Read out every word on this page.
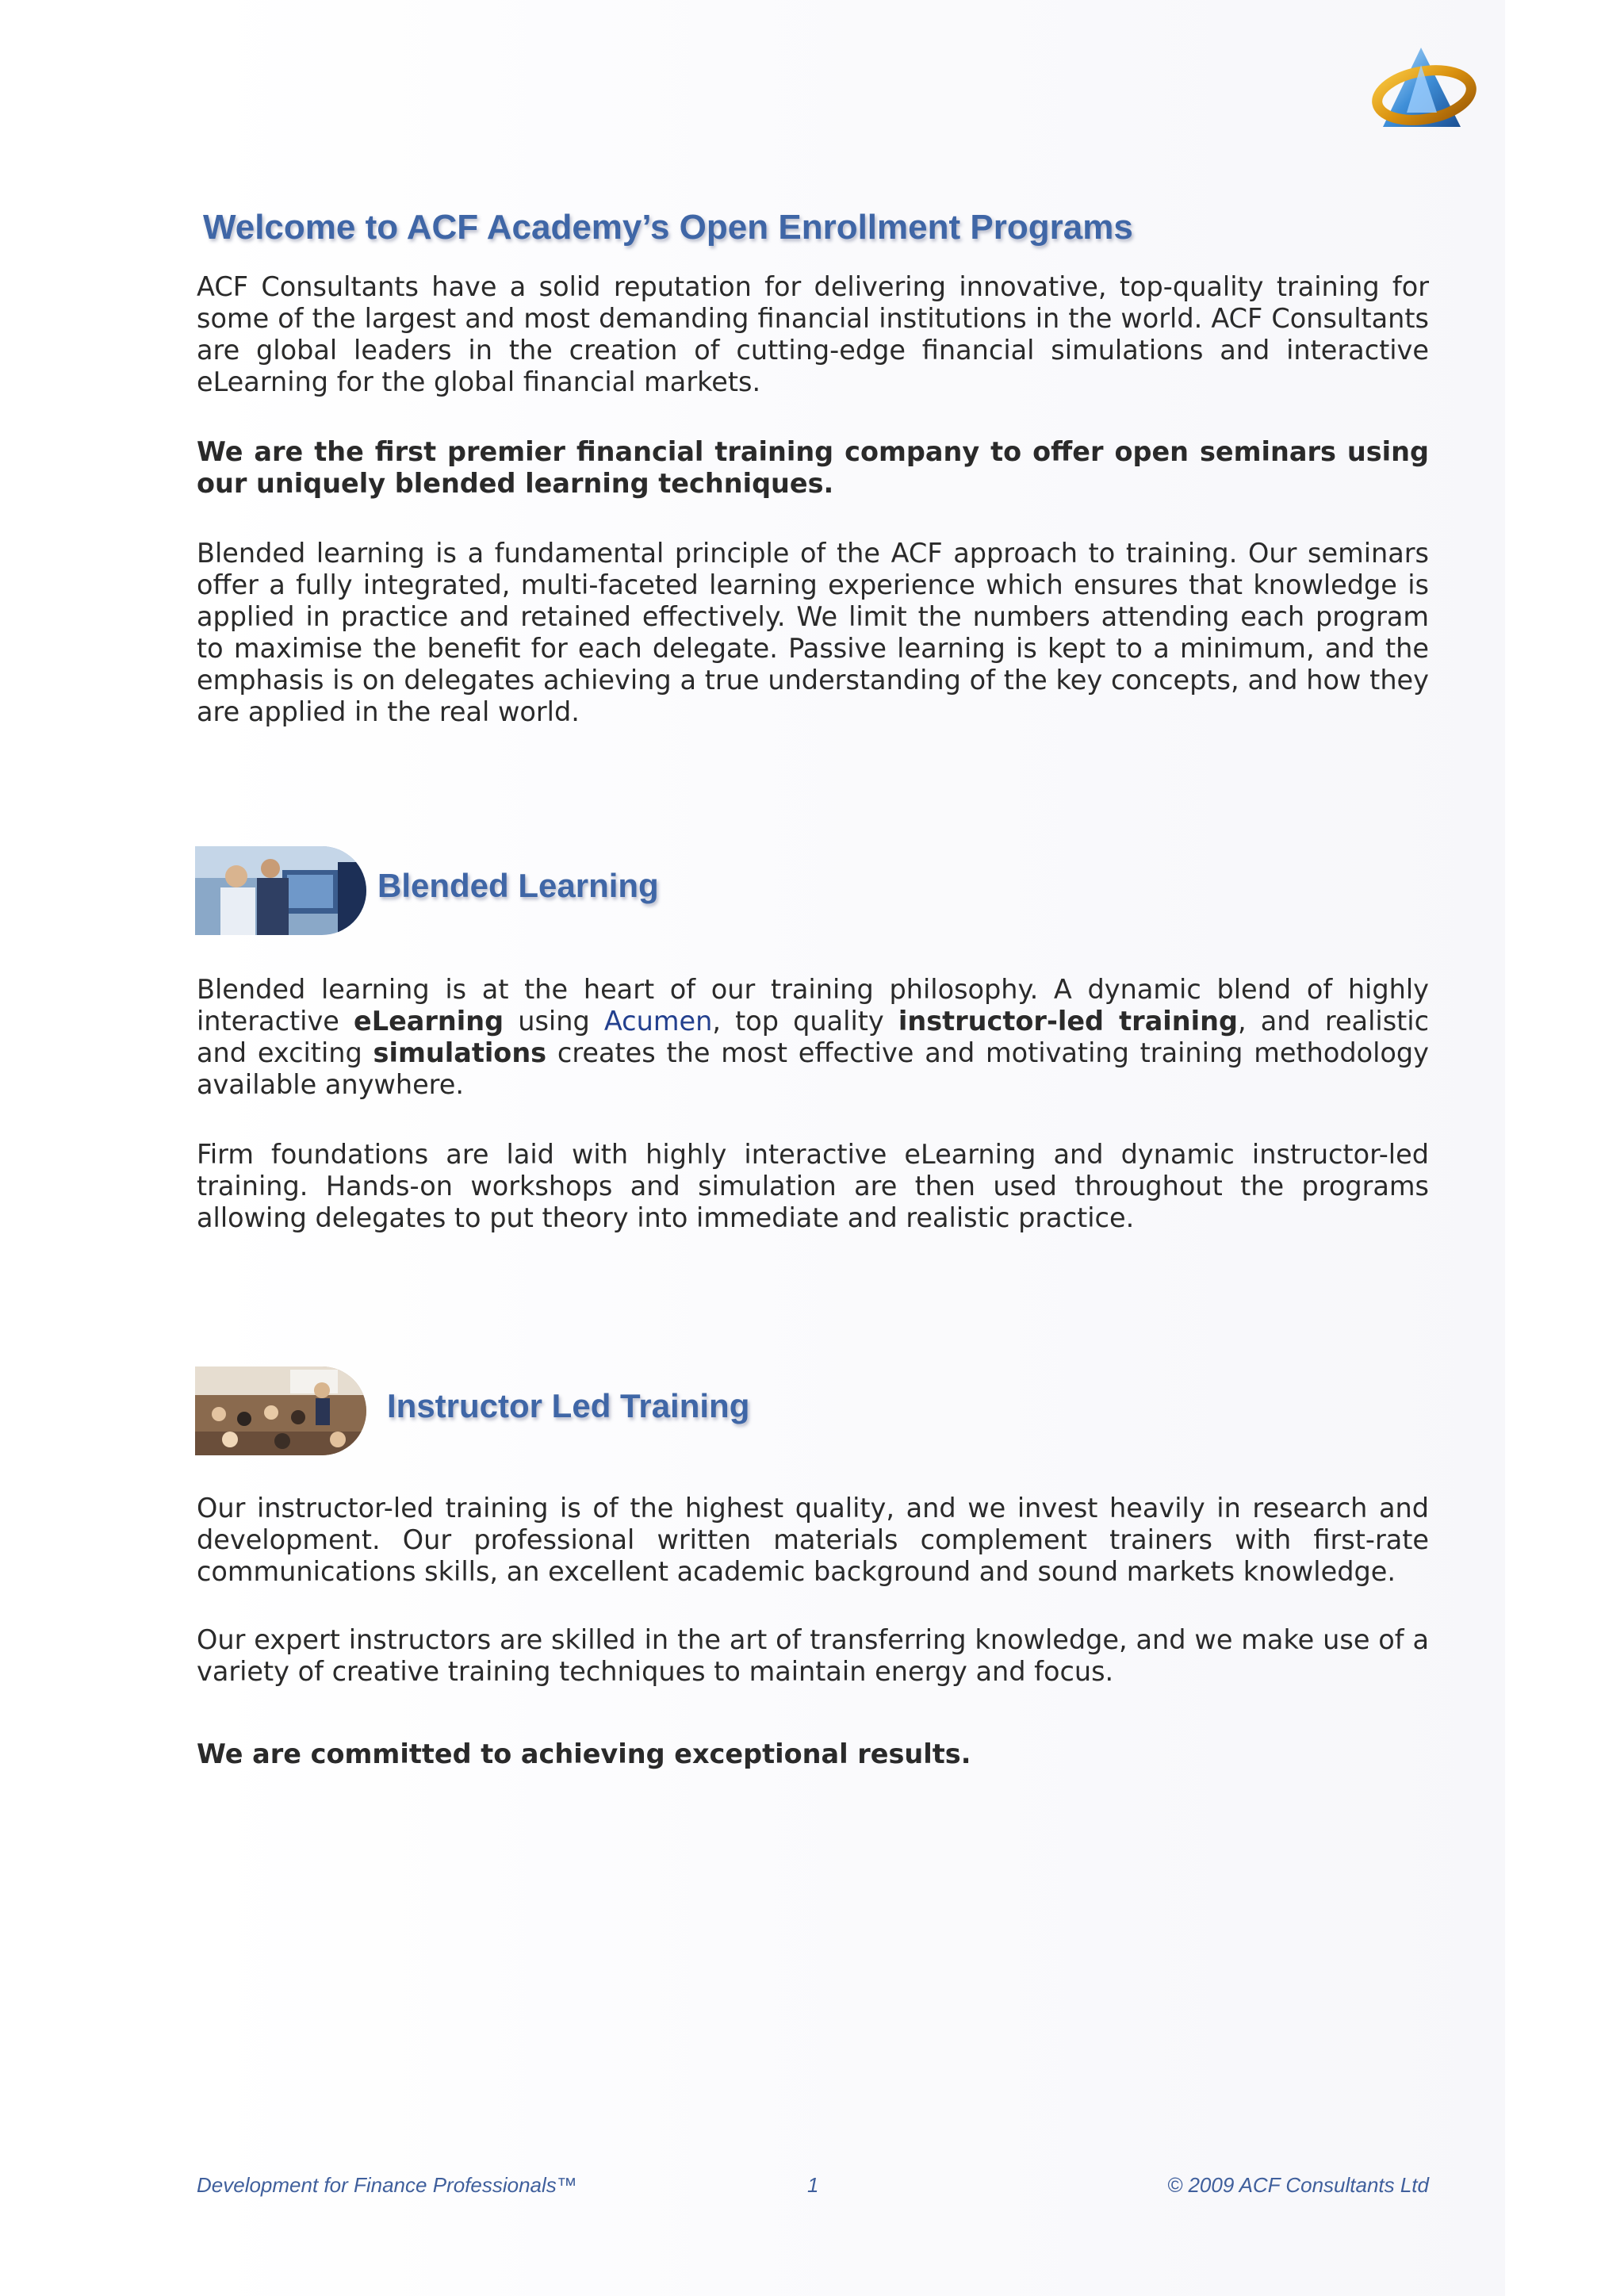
Welcome to ACF Academy’s Open Enrollment Programs

ACF Consultants have a solid reputation for delivering innovative, top-quality training for some of the largest and most demanding financial institutions in the world. ACF Consultants are global leaders in the creation of cutting-edge financial simulations and interactive eLearning for the global financial markets.

We are the first premier financial training company to offer open seminars using our uniquely blended learning techniques.

Blended learning is a fundamental principle of the ACF approach to training. Our seminars offer a fully integrated, multi-faceted learning experience which ensures that knowledge is applied in practice and retained effectively. We limit the numbers attending each program to maximise the benefit for each delegate. Passive learning is kept to a minimum, and the emphasis is on delegates achieving a true understanding of the key concepts, and how they are applied in the real world.

Blended Learning

Blended learning is at the heart of our training philosophy. A dynamic blend of highly interactive eLearning using Acumen, top quality instructor-led training, and realistic and exciting simulations creates the most effective and motivating training methodology available anywhere.

Firm foundations are laid with highly interactive eLearning and dynamic instructor-led training. Hands-on workshops and simulation are then used throughout the programs allowing delegates to put theory into immediate and realistic practice.

Instructor Led Training

Our instructor-led training is of the highest quality, and we invest heavily in research and development. Our professional written materials complement trainers with first-rate communications skills, an excellent academic background and sound markets knowledge.

Our expert instructors are skilled in the art of transferring knowledge, and we make use of a variety of creative training techniques to maintain energy and focus.

We are committed to achieving exceptional results.

Development for Finance Professionals™	1	© 2009 ACF Consultants Ltd
